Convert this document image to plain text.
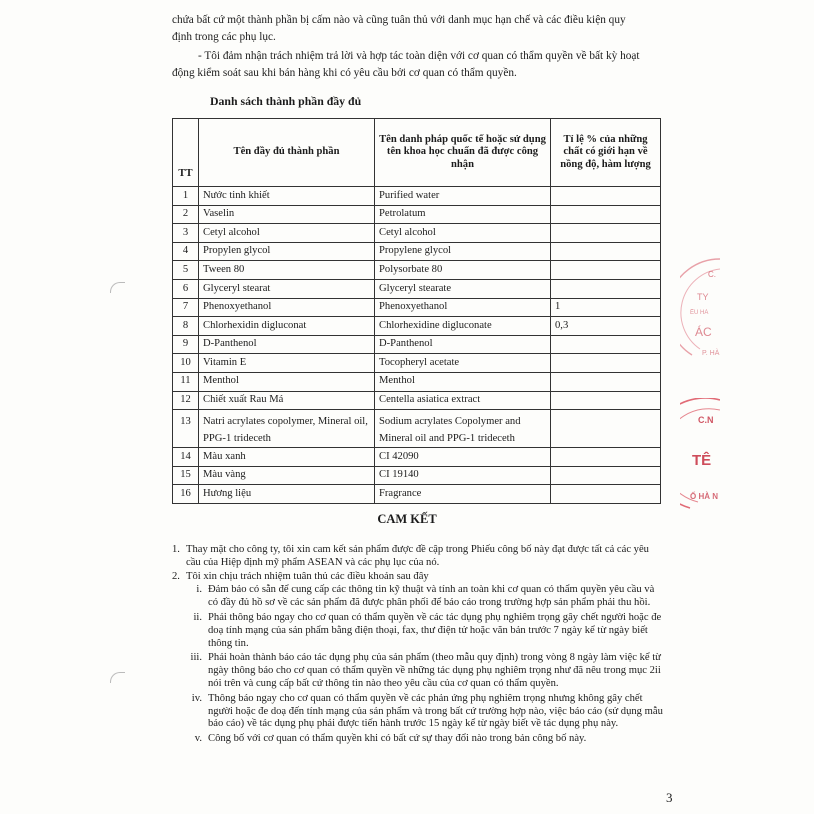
chứa bất cứ một thành phần bị cấm nào và cũng tuân thủ với danh mục hạn chế và các điều kiện quy

định trong các phụ lục.

- Tôi đảm nhận trách nhiệm trả lời và hợp tác toàn diện với cơ quan có thẩm quyền về bất kỳ hoạt

động kiểm soát sau khi bán hàng khi có yêu cầu bởi cơ quan có thẩm quyền.

Danh sách thành phần đầy đủ
TT	Tên đầy đủ thành phần	Tên danh pháp quốc tế hoặc sử dụng tên khoa học chuẩn đã được công nhận	Tỉ lệ % của những chất có giới hạn về nồng độ, hàm lượng
1	Nước tinh khiết	Purified water	
2	Vaselin	Petrolatum	
3	Cetyl alcohol	Cetyl alcohol	
4	Propylen glycol	Propylene glycol	
5	Tween 80	Polysorbate 80	
6	Glyceryl stearat	Glyceryl stearate	
7	Phenoxyethanol	Phenoxyethanol	1
8	Chlorhexidin digluconat	Chlorhexidine digluconate	0,3
9	D-Panthenol	D-Panthenol	
10	Vitamin E	Tocopheryl acetate	
11	Menthol	Menthol	
12	Chiết xuất Rau Má	Centella asiatica extract	
13	Natri acrylates copolymer, Mineral oil, PPG-1 trideceth	Sodium acrylates Copolymer and Mineral oil and PPG-1 trideceth	
14	Màu xanh	CI 42090	
15	Màu vàng	CI 19140	
16	Hương liệu	Fragrance	
CAM KẾT
1. Thay mặt cho công ty, tôi xin cam kết sản phẩm được đề cập trong Phiếu công bố này đạt được tất cả các yêu cầu của Hiệp định mỹ phẩm ASEAN và các phụ lục của nó.
2. Tôi xin chịu trách nhiệm tuân thủ các điều khoản sau đây
i. Đảm bảo có sẵn để cung cấp các thông tin kỹ thuật và tính an toàn khi cơ quan có thẩm quyền yêu cầu và có đầy đủ hồ sơ về các sản phẩm đã được phân phối để báo cáo trong trường hợp sản phẩm phải thu hồi.
ii. Phải thông báo ngay cho cơ quan có thẩm quyền về các tác dụng phụ nghiêm trọng gây chết người hoặc đe doạ tính mạng của sản phẩm bằng điện thoại, fax, thư điện tử hoặc văn bản trước 7 ngày kể từ ngày biết thông tin.
iii. Phải hoàn thành báo cáo tác dụng phụ của sản phẩm (theo mẫu quy định) trong vòng 8 ngày làm việc kể từ ngày thông báo cho cơ quan có thẩm quyền về những tác dụng phụ nghiêm trọng như đã nêu trong mục 2ii nói trên và cung cấp bất cứ thông tin nào theo yêu cầu của cơ quan có thẩm quyền.
iv. Thông báo ngay cho cơ quan có thẩm quyền về các phản ứng phụ nghiêm trọng nhưng không gây chết người hoặc đe doạ đến tính mạng của sản phẩm và trong bất cứ trường hợp nào, việc báo cáo (sử dụng mẫu báo cáo) về tác dụng phụ phải được tiến hành trước 15 ngày kể từ ngày biết về tác dụng phụ này.
v. Công bố với cơ quan có thẩm quyền khi có bất cứ sự thay đổi nào trong bản công bố này.
3
C.
TY
ỀU HÀ
ÁC
P. HÀ
C.N
TÊ
Ố HÀ N
